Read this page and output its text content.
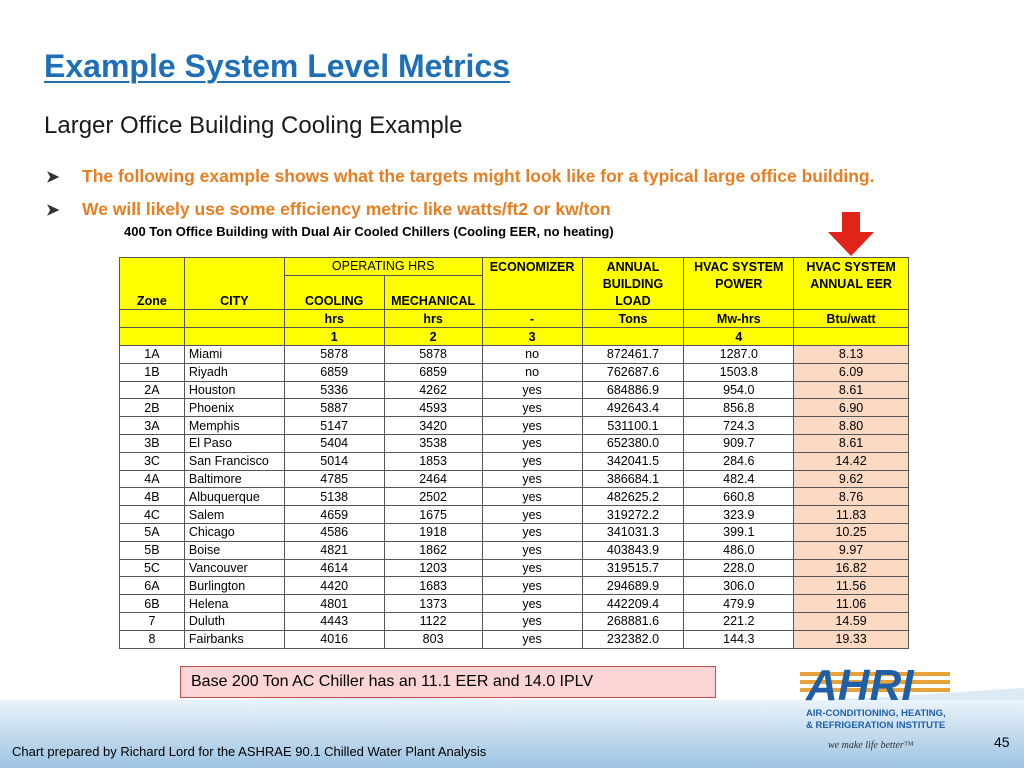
Example System Level Metrics
Larger Office Building Cooling Example
➤	The following example shows what the targets might look like for a typical large office building.
➤	We will likely use some efficiency metric like watts/ft2 or kw/ton
400 Ton Office Building with Dual Air Cooled Chillers (Cooling EER, no heating)
		OPERATING HRS		ECONOMIZER	ANNUAL	HVAC SYSTEM	HVAC SYSTEM
					BUILDING	POWER	ANNUAL EER
Zone	CITY	COOLING	MECHANICAL		LOAD		
		hrs	hrs	-	Tons	Mw-hrs	Btu/watt
		1	2	3		4	
1A	Miami	5878	5878	no	872461.7	1287.0	8.13
1B	Riyadh	6859	6859	no	762687.6	1503.8	6.09
2A	Houston	5336	4262	yes	684886.9	954.0	8.61
2B	Phoenix	5887	4593	yes	492643.4	856.8	6.90
3A	Memphis	5147	3420	yes	531100.1	724.3	8.80
3B	El Paso	5404	3538	yes	652380.0	909.7	8.61
3C	San Francisco	5014	1853	yes	342041.5	284.6	14.42
4A	Baltimore	4785	2464	yes	386684.1	482.4	9.62
4B	Albuquerque	5138	2502	yes	482625.2	660.8	8.76
4C	Salem	4659	1675	yes	319272.2	323.9	11.83
5A	Chicago	4586	1918	yes	341031.3	399.1	10.25
5B	Boise	4821	1862	yes	403843.9	486.0	9.97
5C	Vancouver	4614	1203	yes	319515.7	228.0	16.82
6A	Burlington	4420	1683	yes	294689.9	306.0	11.56
6B	Helena	4801	1373	yes	442209.4	479.9	11.06
7	Duluth	4443	1122	yes	268881.6	221.2	14.59
8	Fairbanks	4016	803	yes	232382.0	144.3	19.33
Base 200 Ton AC Chiller has an 11.1 EER and 14.0 IPLV	AHRI
AIR-CONDITIONING, HEATING,
& REFRIGERATION INSTITUTE
we make life better™
Chart prepared by Richard Lord for the ASHRAE 90.1 Chilled Water Plant Analysis
45
